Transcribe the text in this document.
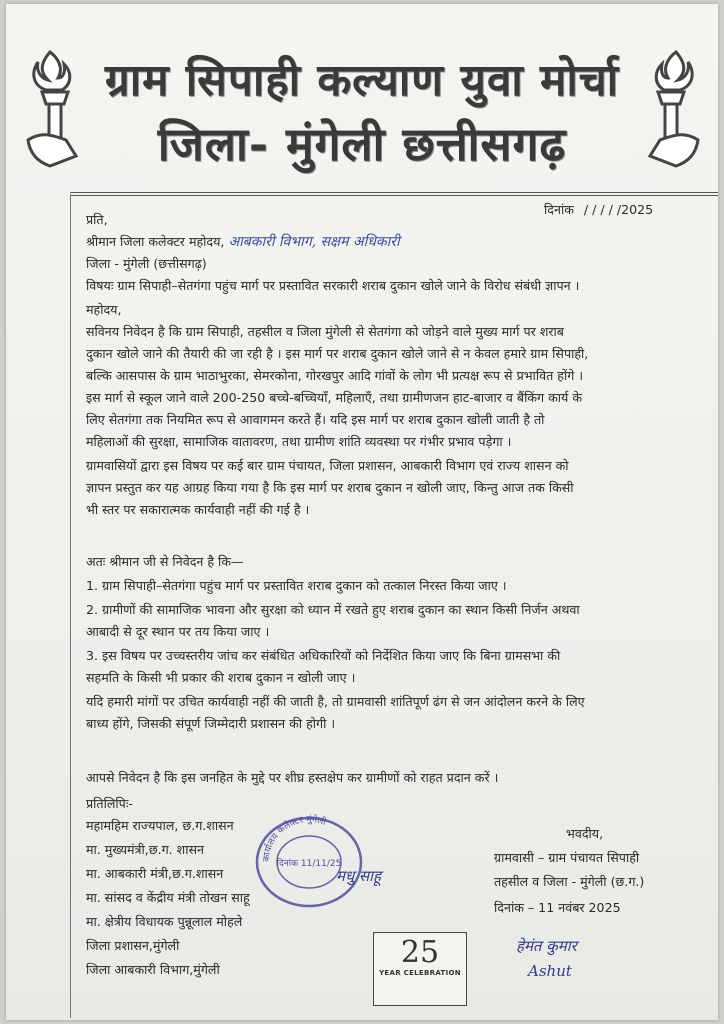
ग्राम सिपाही कल्याण युवा मोर्चा
जिला- मुंगेली छत्तीसगढ़
दिनांक / / / / /2025
प्रति,
श्रीमान जिला कलेक्टर महोदय, आबकारी विभाग, सक्षम अधिकारी
जिला - मुंगेली (छत्तीसगढ़)
विषयः ग्राम सिपाही–सेतगंगा पहुंच मार्ग पर प्रस्तावित सरकारी शराब दुकान खोले जाने के विरोध संबंधी ज्ञापन ।
महोदय,
सविनय निवेदन है कि ग्राम सिपाही, तहसील व जिला मुंगेली से सेतगंगा को जोड़ने वाले मुख्य मार्ग पर शराब
दुकान खोले जाने की तैयारी की जा रही है । इस मार्ग पर शराब दुकान खोले जाने से न केवल हमारे ग्राम सिपाही,
बल्कि आसपास के ग्राम भाठाभुरका, सेमरकोना, गोरखपुर आदि गांवों के लोग भी प्रत्यक्ष रूप से प्रभावित होंगे ।
इस मार्ग से स्कूल जाने वाले 200-250 बच्चे-बच्चियाँ, महिलाएँ, तथा ग्रामीणजन हाट-बाजार व बैंकिंग कार्य के
लिए सेतगंगा तक नियमित रूप से आवागमन करते हैं। यदि इस मार्ग पर शराब दुकान खोली जाती है तो
महिलाओं की सुरक्षा, सामाजिक वातावरण, तथा ग्रामीण शांति व्यवस्था पर गंभीर प्रभाव पड़ेगा ।
ग्रामवासियों द्वारा इस विषय पर कई बार ग्राम पंचायत, जिला प्रशासन, आबकारी विभाग एवं राज्य शासन को
ज्ञापन प्रस्तुत कर यह आग्रह किया गया है कि इस मार्ग पर शराब दुकान न खोली जाए, किन्तु आज तक किसी
भी स्तर पर सकारात्मक कार्यवाही नहीं की गई है ।
अतः श्रीमान जी से निवेदन है कि—
1. ग्राम सिपाही–सेतगंगा पहुंच मार्ग पर प्रस्तावित शराब दुकान को तत्काल निरस्त किया जाए ।
2. ग्रामीणों की सामाजिक भावना और सुरक्षा को ध्यान में रखते हुए शराब दुकान का स्थान किसी निर्जन अथवा
आबादी से दूर स्थान पर तय किया जाए ।
3. इस विषय पर उच्चस्तरीय जांच कर संबंधित अधिकारियों को निर्देशित किया जाए कि बिना ग्रामसभा की
सहमति के किसी भी प्रकार की शराब दुकान न खोली जाए ।
यदि हमारी मांगों पर उचित कार्यवाही नहीं की जाती है, तो ग्रामवासी शांतिपूर्ण ढंग से जन आंदोलन करने के लिए
बाध्य होंगे, जिसकी संपूर्ण जिम्मेदारी प्रशासन की होगी ।
आपसे निवेदन है कि इस जनहित के मुद्दे पर शीघ्र हस्तक्षेप कर ग्रामीणों को राहत प्रदान करें ।
प्रतिलिपिः-
महामहिम राज्यपाल, छ.ग.शासन
मा. मुख्यमंत्री,छ.ग. शासन
मा. आबकारी मंत्री,छ.ग.शासन
मा. सांसद व केंद्रीय मंत्री तोखन साहू
मा. क्षेत्रीय विधायक पुन्नूलाल मोहले
जिला प्रशासन,मुंगेली
जिला आबकारी विभाग,मुंगेली
कार्यालय कलेक्टर मुंगेली
दिनांक 11/11/25
मधु साहू
हेमंत कुमार
Ashut
भवदीय,
ग्रामवासी – ग्राम पंचायत सिपाही
तहसील व जिला - मुंगेली (छ.ग.)
दिनांक – 11 नवंबर 2025
25
YEAR CELEBRATION
